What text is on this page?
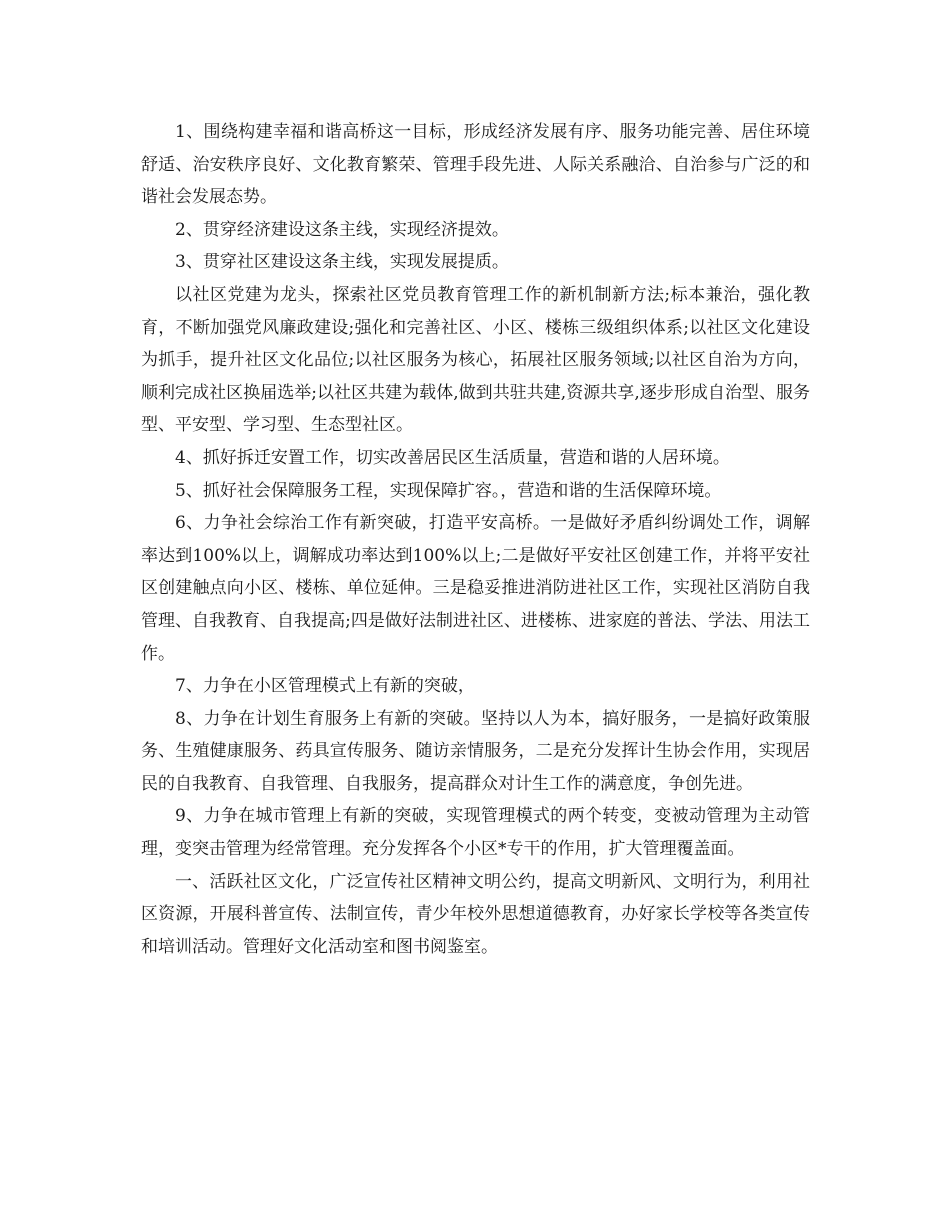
1、围绕构建幸福和谐高桥这一目标，形成经济发展有序、服务功能完善、居住环境舒适、治安秩序良好、文化教育繁荣、管理手段先进、人际关系融洽、自治参与广泛的和谐社会发展态势。

2、贯穿经济建设这条主线，实现经济提效。

3、贯穿社区建设这条主线，实现发展提质。

以社区党建为龙头，探索社区党员教育管理工作的新机制新方法;标本兼治，强化教育，不断加强党风廉政建设;强化和完善社区、小区、楼栋三级组织体系;以社区文化建设为抓手，提升社区文化品位;以社区服务为核心，拓展社区服务领域;以社区自治为方向，顺利完成社区换届选举;以社区共建为载体,做到共驻共建,资源共享,逐步形成自治型、服务型、平安型、学习型、生态型社区。

4、抓好拆迁安置工作，切实改善居民区生活质量，营造和谐的人居环境。

5、抓好社会保障服务工程，实现保障扩容。，营造和谐的生活保障环境。

6、力争社会综治工作有新突破，打造平安高桥。一是做好矛盾纠纷调处工作，调解率达到100%以上，调解成功率达到100%以上;二是做好平安社区创建工作，并将平安社区创建触点向小区、楼栋、单位延伸。三是稳妥推进消防进社区工作，实现社区消防自我管理、自我教育、自我提高;四是做好法制进社区、进楼栋、进家庭的普法、学法、用法工作。

7、力争在小区管理模式上有新的突破，

8、力争在计划生育服务上有新的突破。坚持以人为本，搞好服务，一是搞好政策服务、生殖健康服务、药具宣传服务、随访亲情服务，二是充分发挥计生协会作用，实现居民的自我教育、自我管理、自我服务，提高群众对计生工作的满意度，争创先进。

9、力争在城市管理上有新的突破，实现管理模式的两个转变，变被动管理为主动管理，变突击管理为经常管理。充分发挥各个小区*专干的作用，扩大管理覆盖面。

一、活跃社区文化，广泛宣传社区精神文明公约，提高文明新风、文明行为，利用社区资源，开展科普宣传、法制宣传，青少年校外思想道德教育，办好家长学校等各类宣传和培训活动。管理好文化活动室和图书阅鉴室。
